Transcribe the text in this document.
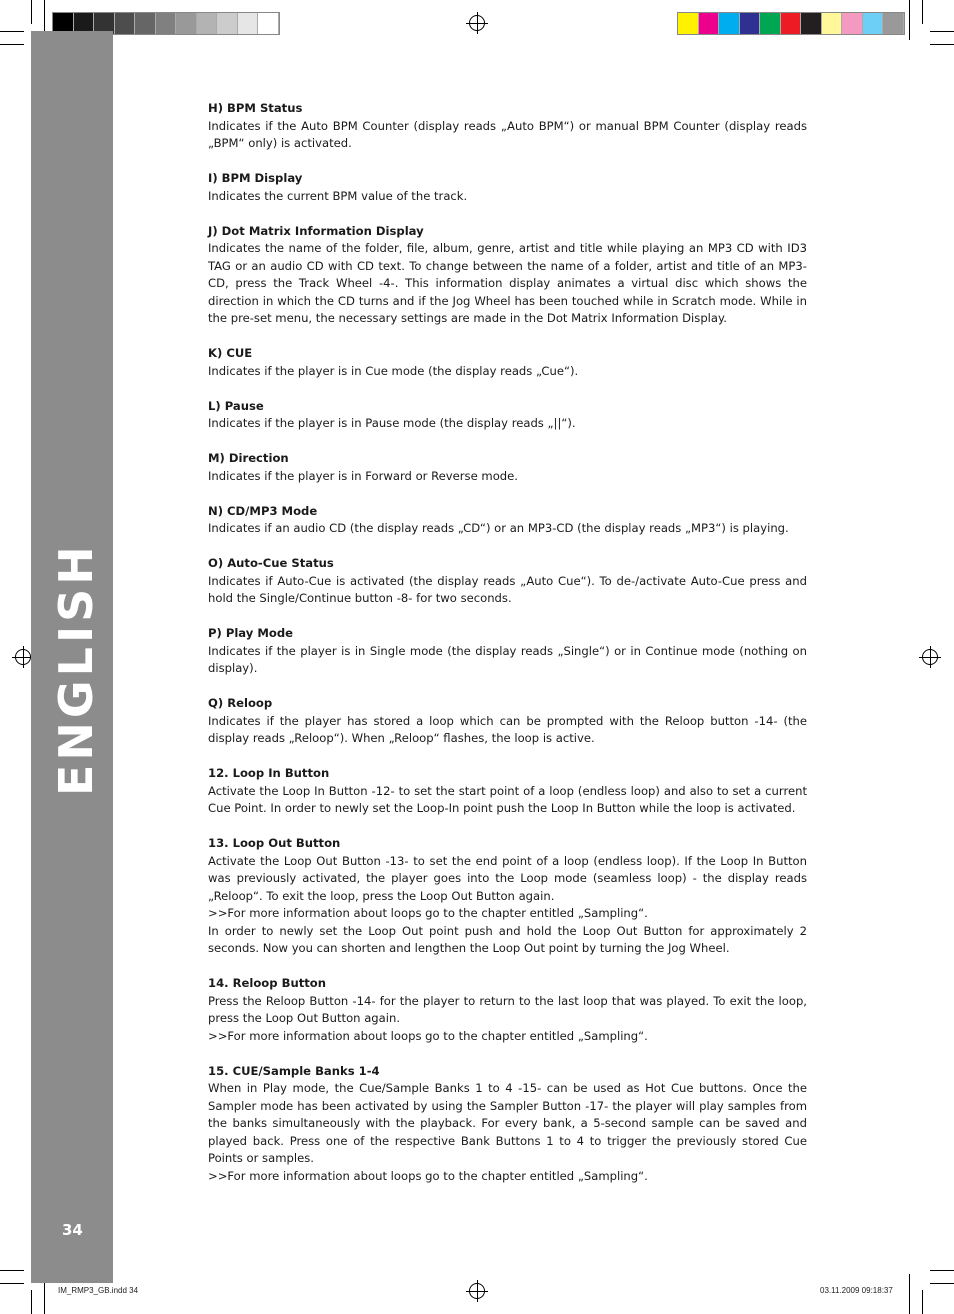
ENGLISH
34
H) BPM Status
Indicates if the Auto BPM Counter (display reads „Auto BPM“) or manual BPM Counter (display reads „BPM“ only) is activated.
I) BPM Display
Indicates the current BPM value of the track.
J) Dot Matrix Information Display
Indicates the name of the folder, file, album, genre, artist and title while playing an MP3 CD with ID3 TAG or an audio CD with CD text. To change between the name of a folder, artist and title of an MP3-CD, press the Track Wheel -4-. This information display animates a virtual disc which shows the direction in which the CD turns and if the Jog Wheel has been touched while in Scratch mode. While in the pre-set menu, the necessary settings are made in the Dot Matrix Information Display.
K) CUE
Indicates if the player is in Cue mode (the display reads „Cue“).
L) Pause
Indicates if the player is in Pause mode (the display reads „||“).
M) Direction
Indicates if the player is in Forward or Reverse mode.
N) CD/MP3 Mode
Indicates if an audio CD (the display reads „CD“) or an MP3-CD (the display reads „MP3“) is playing.
O) Auto-Cue Status
Indicates if Auto-Cue is activated (the display reads „Auto Cue“). To de-/activate Auto-Cue press and hold the Single/Continue button -8- for two seconds.
P) Play Mode
Indicates if the player is in Single mode (the display reads „Single“) or in Continue mode (nothing on display).
Q) Reloop
Indicates if the player has stored a loop which can be prompted with the Reloop button -14- (the display reads „Reloop“). When „Reloop“ flashes, the loop is active.
12. Loop In Button
Activate the Loop In Button -12- to set the start point of a loop (endless loop) and also to set a current Cue Point. In order to newly set the Loop-In point push the Loop In Button while the loop is activated.
13. Loop Out Button
Activate the Loop Out Button -13- to set the end point of a loop (endless loop). If the Loop In Button was previously activated, the player goes into the Loop mode (seamless loop) - the display reads „Reloop“. To exit the loop, press the Loop Out Button again.
>>For more information about loops go to the chapter entitled „Sampling“.
In order to newly set the Loop Out point push and hold the Loop Out Button for approximately 2 seconds. Now you can shorten and lengthen the Loop Out point by turning the Jog Wheel.
14. Reloop Button
Press the Reloop Button -14- for the player to return to the last loop that was played. To exit the loop, press the Loop Out Button again.
>>For more information about loops go to the chapter entitled „Sampling“.
15. CUE/Sample Banks 1-4
When in Play mode, the Cue/Sample Banks 1 to 4 -15- can be used as Hot Cue buttons. Once the Sampler mode has been activated by using the Sampler Button -17- the player will play samples from the banks simultaneously with the playback. For every bank, a 5-second sample can be saved and played back. Press one of the respective Bank Buttons 1 to 4 to trigger the previously stored Cue Points or samples.
>>For more information about loops go to the chapter entitled „Sampling“.
IM_RMP3_GB.indd 34	03.11.2009 09:18:37
